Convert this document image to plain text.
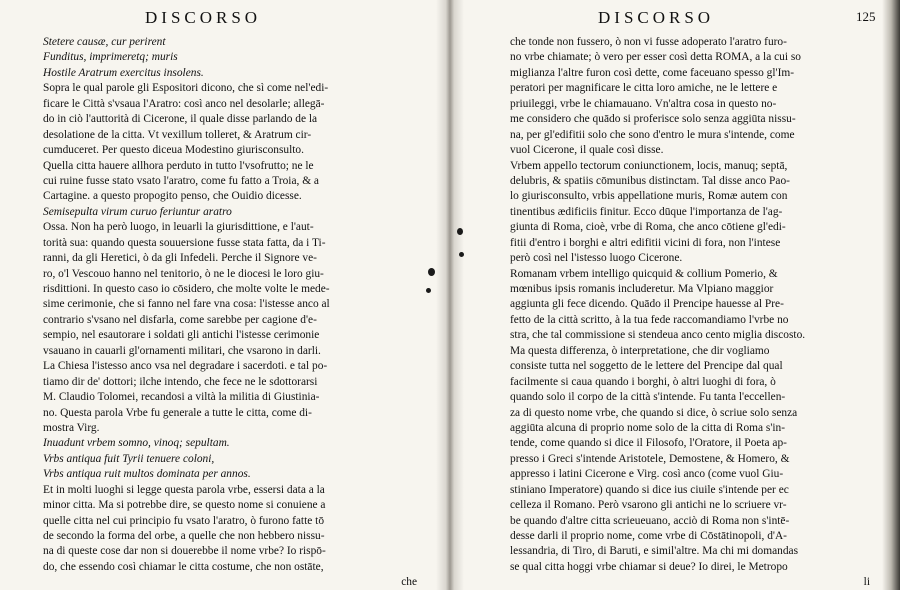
DISCORSO
Stetere causæ, cur perirent
Funditus, imprimeretq; muris
Hostile Aratrum exercitus insolens.
Sopra le qual parole gli Espositori dicono, che sì come nel'edi-
ficare le Città s'vsaua l'Aratro: così anco nel desolarle; allegā-
do in ciò l'auttorità di Cicerone, il quale disse parlando de la
desolatione de la citta. Vt vexillum tolleret, & Aratrum cir-
cumduceret. Per questo diceua Modestino giurisconsulto.
Quella citta hauere allhora perduto in tutto l'vsofrutto; ne le
cui ruine fusse stato vsato l'aratro, come fu fatto a Troia, & a
Cartagine. a questo propogito penso, che Ouidio dicesse.
Semisepulta virum curuo feriuntur aratro
Ossa. Non ha però luogo, in leuarli la giurisdittione, e l'aut-
torità sua: quando questa souuersione fusse stata fatta, da i Ti-
ranni, da gli Heretici, ò da gli Infedeli. Perche il Signore ve-
ro, o'l Vescouo hanno nel tenitorio, ò ne le diocesi le loro giu-
risdittioni. In questo caso io cōsidero, che molte volte le mede-
sime cerimonie, che si fanno nel fare vna cosa: l'istesse anco al
contrario s'vsano nel disfarla, come sarebbe per cagione d'e-
sempio, nel esautorare i soldati gli antichi l'istesse cerimonie
vsauano in cauarli gl'ornamenti militari, che vsarono in darli.
La Chiesa l'istesso anco vsa nel degradare i sacerdoti. e tal po-
tiamo dir de' dottori; ilche intendo, che fece ne le sdottorarsi
M. Claudio Tolomei, recandosi a viltà la militia di Giustinia-
no. Questa parola Vrbe fu generale a tutte le citta, come di-
mostra Virg.
Inuadunt vrbem somno, vinoq; sepultam.
Vrbs antiqua fuit Tyrii tenuere coloni,
Vrbs antiqua ruit multos dominata per annos.
Et in molti luoghi si legge questa parola vrbe, essersi data a la
minor citta. Ma si potrebbe dire, se questo nome si conuiene a
quelle citta nel cui principio fu vsato l'aratro, ò furono fatte tō
de secondo la forma del orbe, a quelle che non hebbero nissu-
na di queste cose dar non si douerebbe il nome vrbe? Io rispō-
do, che essendo così chiamar le citta costume, che non ostāte,
che
DISCORSO	125
che tonde non fussero, ò non vi fusse adoperato l'aratro furo-
no vrbe chiamate; ò vero per esser così detta ROMA, a la cui so
miglianza l'altre furon così dette, come faceuano spesso gl'Im-
peratori per magnificare le citta loro amiche, ne le lettere e
priuileggi, vrbe le chiamauano. Vn'altra cosa in questo no-
me considero che quādo si proferisce solo senza aggiūta nissu-
na, per gl'edifitii solo che sono d'entro le mura s'intende, come
vuol Cicerone, il quale così disse.
Vrbem appello tectorum coniunctionem, locis, manuq; septā,
delubris, & spatiis cōmunibus distinctam. Tal disse anco Pao-
lo giurisconsulto, vrbis appellatione muris, Romæ autem con
tinentibus ædificiis finitur. Ecco dūque l'importanza de l'ag-
giunta di Roma, cioè, vrbe di Roma, che anco cōtiene gl'edi-
fitii d'entro i borghi e altri edifitii vicini di fora, non l'intese
però così nel l'istesso luogo Cicerone.
Romanam vrbem intelligo quicquid & collium Pomerio, &
mœnibus ipsis romanis includeretur. Ma Vlpiano maggior
aggiunta gli fece dicendo. Quādo il Prencipe hauesse al Pre-
fetto de la città scritto, à la tua fede raccomandiamo l'vrbe no
stra, che tal commissione si stendeua anco cento miglia discosto.
Ma questa differenza, ò interpretatione, che dir vogliamo
consiste tutta nel soggetto de le lettere del Prencipe dal qual
facilmente si caua quando i borghi, ò altri luoghi di fora, ò
quando solo il corpo de la città s'intende. Fu tanta l'eccellen-
za di questo nome vrbe, che quando si dice, ò scriue solo senza
aggiūta alcuna di proprio nome solo de la citta di Roma s'in-
tende, come quando si dice il Filosofo, l'Oratore, il Poeta ap-
presso i Greci s'intende Aristotele, Demostene, & Homero, &
appresso i latini Cicerone e Virg. così anco (come vuol Giu-
stiniano Imperatore) quando si dice ius ciuile s'intende per ec
celleza il Romano. Però vsarono gli antichi ne lo scriuere vr-
be quando d'altre citta scrieueuano, acciò di Roma non s'intē-
desse darli il proprio nome, come vrbe di Cōstātinopoli, d'A-
lessandria, di Tiro, di Baruti, e simil'altre. Ma chi mi domandas
se qual citta hoggi vrbe chiamar si deue? Io direi, le Metropo
li
